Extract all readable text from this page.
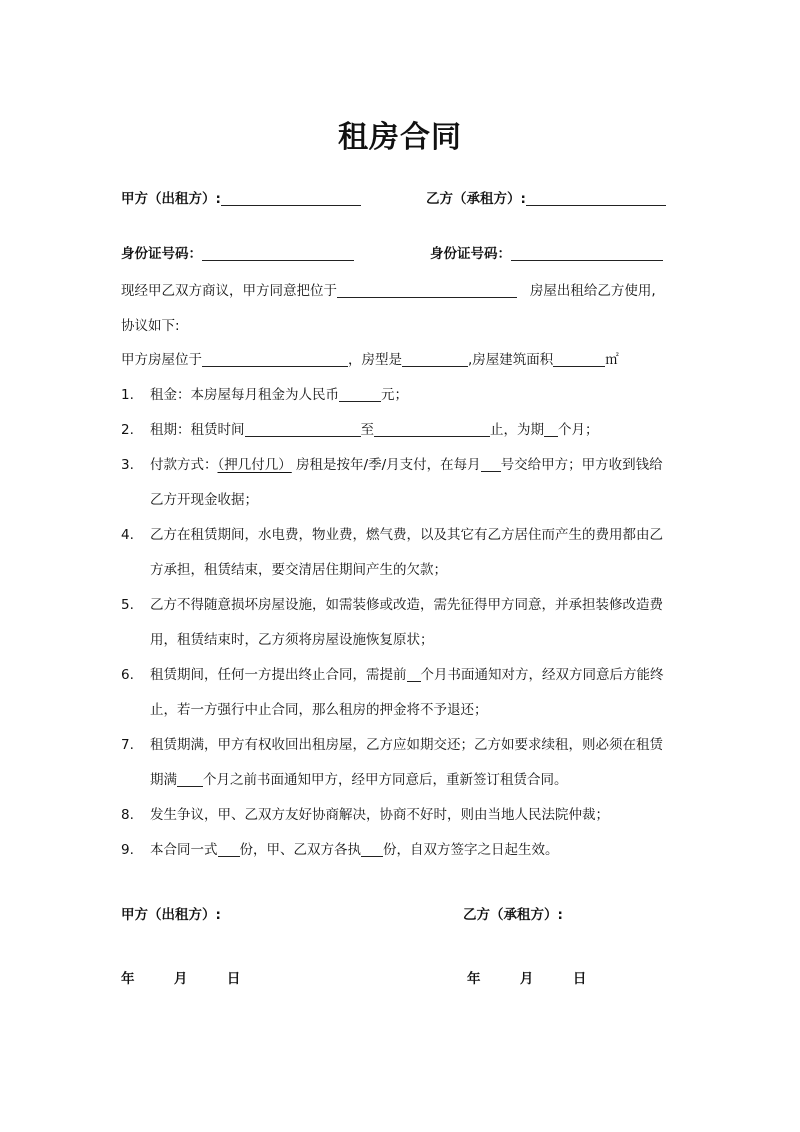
租房合同
甲方（出租方）:	乙方（承租方）:
身份证号码：	身份证号码：
现经甲乙双方商议，甲方同意把位于	房屋出租给乙方使用,
协议如下:
甲方房屋位于	，房型是	,房屋建筑面积	㎡
1. 租金：本房屋每月租金为人民币	元；
2. 租期：租赁时间	至	止，为期 个月；
3. 付款方式：（押几付几） 房租是按年/季/月支付，在每月 号交给甲方；甲方收到钱给
乙方开现金收据；
4. 乙方在租赁期间，水电费，物业费，燃气费，以及其它有乙方居住而产生的费用都由乙
方承担，租赁结束，要交清居住期间产生的欠款；
5. 乙方不得随意损坏房屋设施，如需装修或改造，需先征得甲方同意，并承担装修改造费
用，租赁结束时，乙方须将房屋设施恢复原状；
6. 租赁期间，任何一方提出终止合同，需提前 个月书面通知对方，经双方同意后方能终
止，若一方强行中止合同，那么租房的押金将不予退还；
7. 租赁期满，甲方有权收回出租房屋，乙方应如期交还；乙方如要求续租，则必须在租赁
期满 个月之前书面通知甲方，经甲方同意后，重新签订租赁合同。
8. 发生争议，甲、乙双方友好协商解决，协商不好时，则由当地人民法院仲裁；
9. 本合同一式 份，甲、乙双方各执 份，自双方签字之日起生效。
甲方（出租方）:	乙方（承租方）:
年	月	日	年	月	日
